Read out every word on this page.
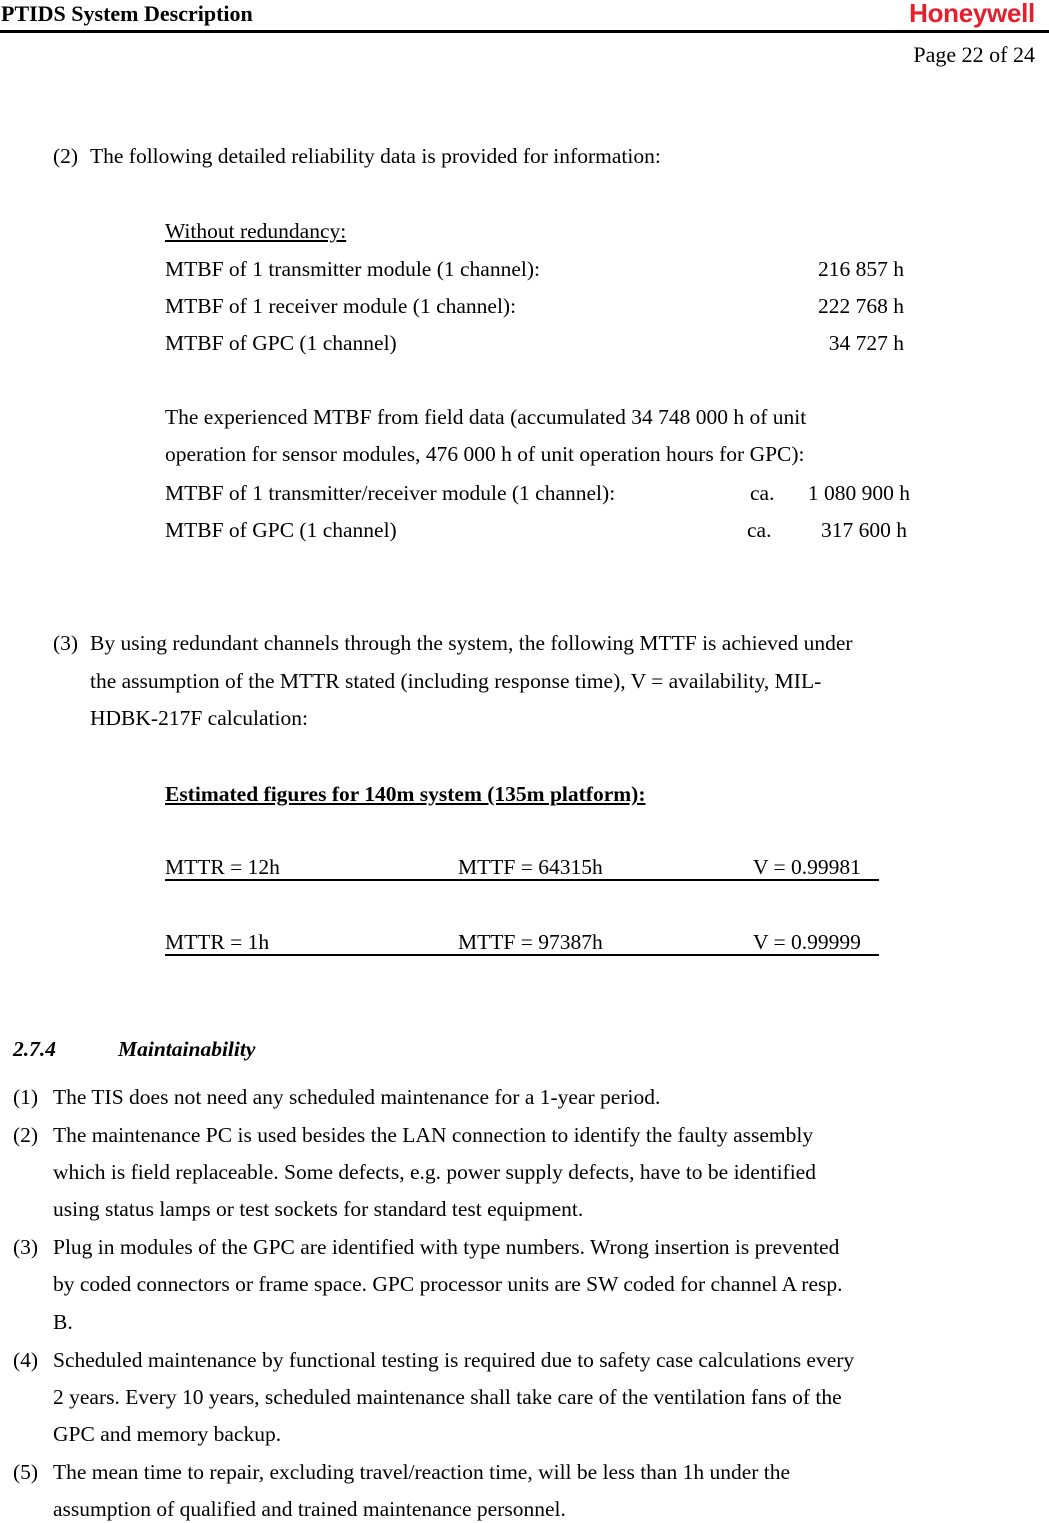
PTIDS System Description	Honeywell
Page 22 of 24
(2) The following detailed reliability data is provided for information:
Without redundancy:
MTBF of 1 transmitter module (1 channel):	216 857 h
MTBF of 1 receiver module (1 channel):	222 768 h
MTBF of GPC (1 channel)	34 727 h
The experienced MTBF from field data (accumulated 34 748 000 h of unit
operation for sensor modules, 476 000 h of unit operation hours for GPC):
MTBF of 1 transmitter/receiver module (1 channel):	ca.	1 080 900 h
MTBF of GPC (1 channel)	ca.	317 600 h
(3) By using redundant channels through the system, the following MTTF is achieved under
the assumption of the MTTR stated (including response time), V = availability, MIL-
HDBK-217F calculation:
Estimated figures for 140m system (135m platform):
MTTR = 12h	MTTF = 64315h	V = 0.99981
MTTR = 1h	MTTF = 97387h	V = 0.99999
2.7.4	Maintainability
(1) The TIS does not need any scheduled maintenance for a 1-year period.
(2) The maintenance PC is used besides the LAN connection to identify the faulty assembly
which is field replaceable. Some defects, e.g. power supply defects, have to be identified
using status lamps or test sockets for standard test equipment.
(3) Plug in modules of the GPC are identified with type numbers. Wrong insertion is prevented
by coded connectors or frame space. GPC processor units are SW coded for channel A resp.
B.
(4) Scheduled maintenance by functional testing is required due to safety case calculations every
2 years. Every 10 years, scheduled maintenance shall take care of the ventilation fans of the
GPC and memory backup.
(5) The mean time to repair, excluding travel/reaction time, will be less than 1h under the
assumption of qualified and trained maintenance personnel.
